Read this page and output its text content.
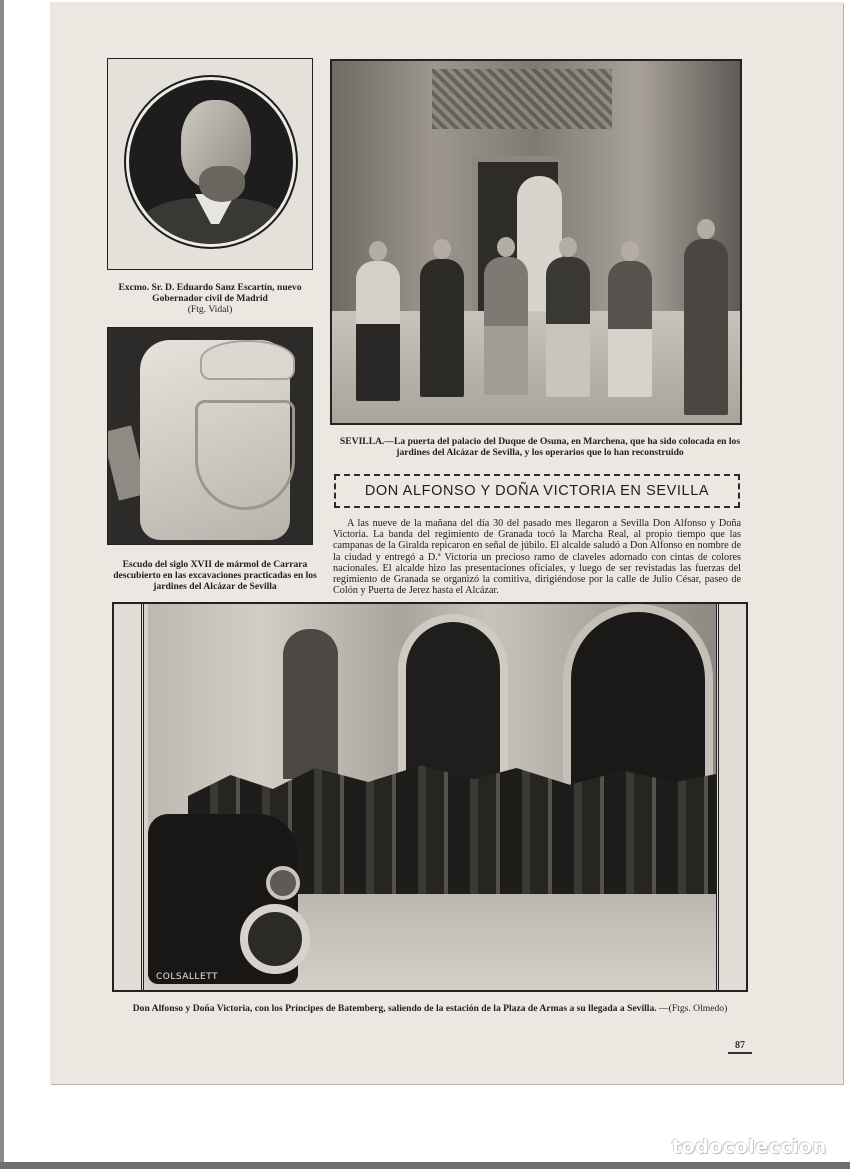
Excmo. Sr. D. Eduardo Sanz Escartín, nuevo Gobernador civil de Madrid
(Ftg. Vidal)
SEVILLA.—La puerta del palacio del Duque de Osuna, en Marchena, que ha sido colocada en los jardines del Alcázar de Sevilla, y los operarios que lo han reconstruido
Escudo del siglo XVII de mármol de Carrara descubierto en las excavaciones practicadas en los jardines del Alcázar de Sevilla
DON ALFONSO Y DOÑA VICTORIA EN SEVILLA

A las nueve de la mañana del día 30 del pasado mes llegaron a Sevilla Don Alfonso y Doña Victoria. La banda del regimiento de Granada tocó la Marcha Real, al propio tiempo que las campanas de la Giralda repicaron en señal de júbilo. El alcalde saludó a Don Alfonso en nombre de la ciudad y entregó a D.ª Victoria un precioso ramo de claveles adornado con cintas de colores nacionales. El alcalde hizo las presentaciones oficiales, y luego de ser revistadas las fuerzas del regimiento de Granada se organizó la comitiva, dirigiéndose por la calle de Julio César, paseo de Colón y Puerta de Jerez hasta el Alcázar.

COLSALLETT
Don Alfonso y Doña Victoria, con los Príncipes de Batemberg, saliendo de la estación de la Plaza de Armas a su llegada a Sevilla. —(Ftgs. Olmedo)
87
todocoleccion
